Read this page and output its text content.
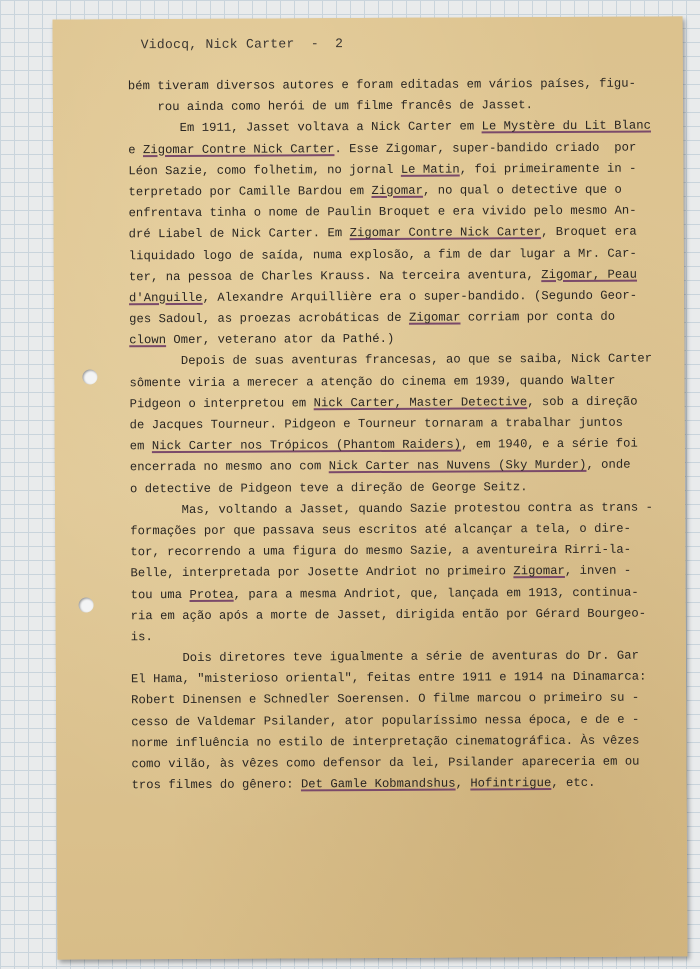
Vidocq, Nick Carter  -  2
bém tiveram diversos autores e foram editadas em vários países, figu-
rou ainda como herói de um filme francês de Jasset.
Em 1911, Jasset voltava a Nick Carter em Le Mystère du Lit Blanc
e Zigomar Contre Nick Carter. Esse Zigomar, super-bandido criado  por
Léon Sazie, como folhetim, no jornal Le Matin, foi primeiramente in -
terpretado por Camille Bardou em Zigomar, no qual o detective que o
enfrentava tinha o nome de Paulin Broquet e era vivido pelo mesmo An-
dré Liabel de Nick Carter. Em Zigomar Contre Nick Carter, Broquet era
liquidado logo de saída, numa explosão, a fim de dar lugar a Mr. Car-
ter, na pessoa de Charles Krauss. Na terceira aventura, Zigomar, Peau
d'Anguille, Alexandre Arquillière era o super-bandido. (Segundo Geor-
ges Sadoul, as proezas acrobáticas de Zigomar corriam por conta do
clown Omer, veterano ator da Pathé.)
Depois de suas aventuras francesas, ao que se saiba, Nick Carter
sômente viria a merecer a atenção do cinema em 1939, quando Walter
Pidgeon o interpretou em Nick Carter, Master Detective, sob a direção
de Jacques Tourneur. Pidgeon e Tourneur tornaram a trabalhar juntos
em Nick Carter nos Trópicos (Phantom Raiders), em 1940, e a série foi
encerrada no mesmo ano com Nick Carter nas Nuvens (Sky Murder), onde
o detective de Pidgeon teve a direção de George Seitz.
Mas, voltando a Jasset, quando Sazie protestou contra as trans -
formações por que passava seus escritos até alcançar a tela, o dire-
tor, recorrendo a uma figura do mesmo Sazie, a aventureira Rirri-la-
Belle, interpretada por Josette Andriot no primeiro Zigomar, inven -
tou uma Protea, para a mesma Andriot, que, lançada em 1913, continua-
ria em ação após a morte de Jasset, dirigida então por Gérard Bourgeo-
is.
Dois diretores teve igualmente a série de aventuras do Dr. Gar
El Hama, "misterioso oriental", feitas entre 1911 e 1914 na Dinamarca:
Robert Dinensen e Schnedler Soerensen. O filme marcou o primeiro su -
cesso de Valdemar Psilander, ator popularíssimo nessa época, e de e -
norme influência no estilo de interpretação cinematográfica. Às vêzes
como vilão, às vêzes como defensor da lei, Psilander apareceria em ou
tros filmes do gênero: Det Gamle Kobmandshus, Hofintrigue, etc.
